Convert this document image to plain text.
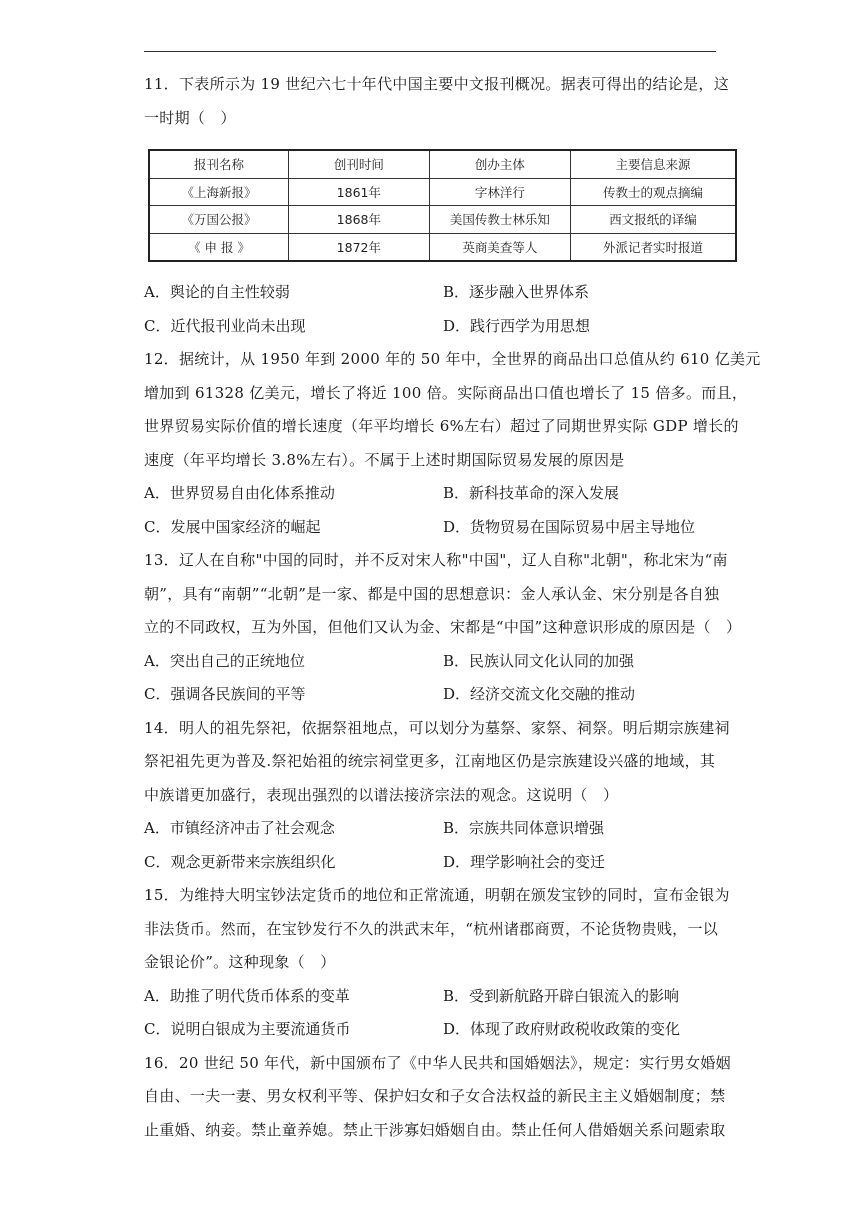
11．下表所示为 19 世纪六七十年代中国主要中文报刊概况。据表可得出的结论是，这
一时期（　）
报刊名称	创刊时间	创办主体	主要信息来源
《上海新报》	1861年	字林洋行	传教士的观点摘编
《万国公报》	1868年	美国传教士林乐知	西文报纸的译编
《 申 报 》	1872年	英商美查等人	外派记者实时报道
A．舆论的自主性较弱	B．逐步融入世界体系
C．近代报刊业尚未出现	D．践行西学为用思想
12．据统计，从 1950 年到 2000 年的 50 年中，全世界的商品出口总值从约 610 亿美元
增加到 61328 亿美元，增长了将近 100 倍。实际商品出口值也增长了 15 倍多。而且，
世界贸易实际价值的增长速度（年平均增长 6%左右）超过了同期世界实际 GDP 增长的
速度（年平均增长 3.8%左右）。不属于上述时期国际贸易发展的原因是
A．世界贸易自由化体系推动	B．新科技革命的深入发展
C．发展中国家经济的崛起	D．货物贸易在国际贸易中居主导地位
13．辽人在自称"中国的同时，并不反对宋人称"中国"，辽人自称"北朝"，称北宋为“南
朝”，具有“南朝”“北朝”是一家、都是中国的思想意识：金人承认金、宋分别是各自独
立的不同政权，互为外国，但他们又认为金、宋都是“中国”这种意识形成的原因是（　）
A．突出自己的正统地位	B．民族认同文化认同的加强
C．强调各民族间的平等	D．经济交流文化交融的推动
14．明人的祖先祭祀，依据祭祖地点，可以划分为墓祭、家祭、祠祭。明后期宗族建祠
祭祀祖先更为普及.祭祀始祖的统宗祠堂更多，江南地区仍是宗族建设兴盛的地域，其
中族谱更加盛行，表现出强烈的以谱法接济宗法的观念。这说明（　）
A．市镇经济冲击了社会观念	B．宗族共同体意识增强
C．观念更新带来宗族组织化	D．理学影响社会的变迁
15．为维持大明宝钞法定货币的地位和正常流通，明朝在颁发宝钞的同时，宣布金银为
非法货币。然而，在宝钞发行不久的洪武末年，“杭州诸郡商贾，不论货物贵贱，一以
金银论价”。这种现象（　）
A．助推了明代货币体系的变革	B．受到新航路开辟白银流入的影响
C．说明白银成为主要流通货币	D．体现了政府财政税收政策的变化
16．20 世纪 50 年代，新中国颁布了《中华人民共和国婚姻法》，规定：实行男女婚姻
自由、一夫一妻、男女权利平等、保护妇女和子女合法权益的新民主主义婚姻制度；禁
止重婚、纳妾。禁止童养媳。禁止干涉寡妇婚姻自由。禁止任何人借婚姻关系问题索取
